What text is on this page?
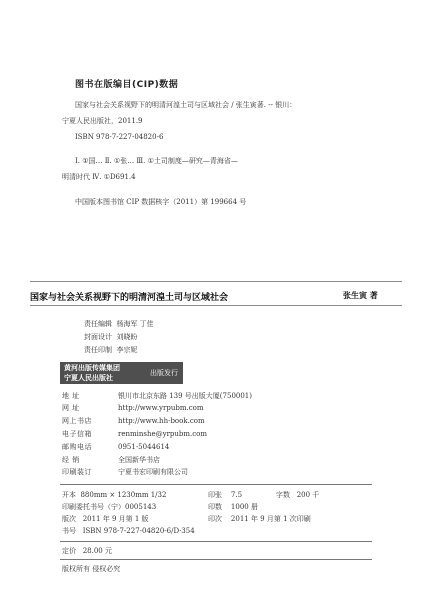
图书在版编目(CIP)数据
国家与社会关系视野下的明清河湟土司与区域社会 / 张生寅著. -- 银川：
宁夏人民出版社，2011.9
ISBN 978-7-227-04820-6
Ⅰ. ①国… Ⅱ. ①张… Ⅲ. ①土司制度—研究—青海省—
明清时代 Ⅳ. ①D691.4
中国版本图书馆 CIP 数据核字（2011）第 199664 号
国家与社会关系视野下的明清河湟土司与区域社会	张生寅 著
责任编辑 杨海军 丁佳
封面设计 刘晓盼
责任印制 李宗妮
黄河出版传媒集团
宁夏人民出版社	出版发行
地 址	银川市北京东路 139 号出版大厦(750001)
网 址	http://www.yrpubm.com
网上书店	http://www.hh-book.com
电子信箱	renminshe@yrpubm.com
邮购电话	0951-5044614
经 销	全国新华书店
印刷装订	宁夏书宏印刷有限公司
开本 880mm × 1230mm 1/32	印张 7.5	字数 200 千
印刷委托书号（宁）0005143	印数 1000 册
版次 2011 年 9 月第 1 版	印次 2011 年 9 月第 1 次印刷
书号 ISBN 978-7-227-04820-6/D·354
定价 28.00 元
版权所有 侵权必究
